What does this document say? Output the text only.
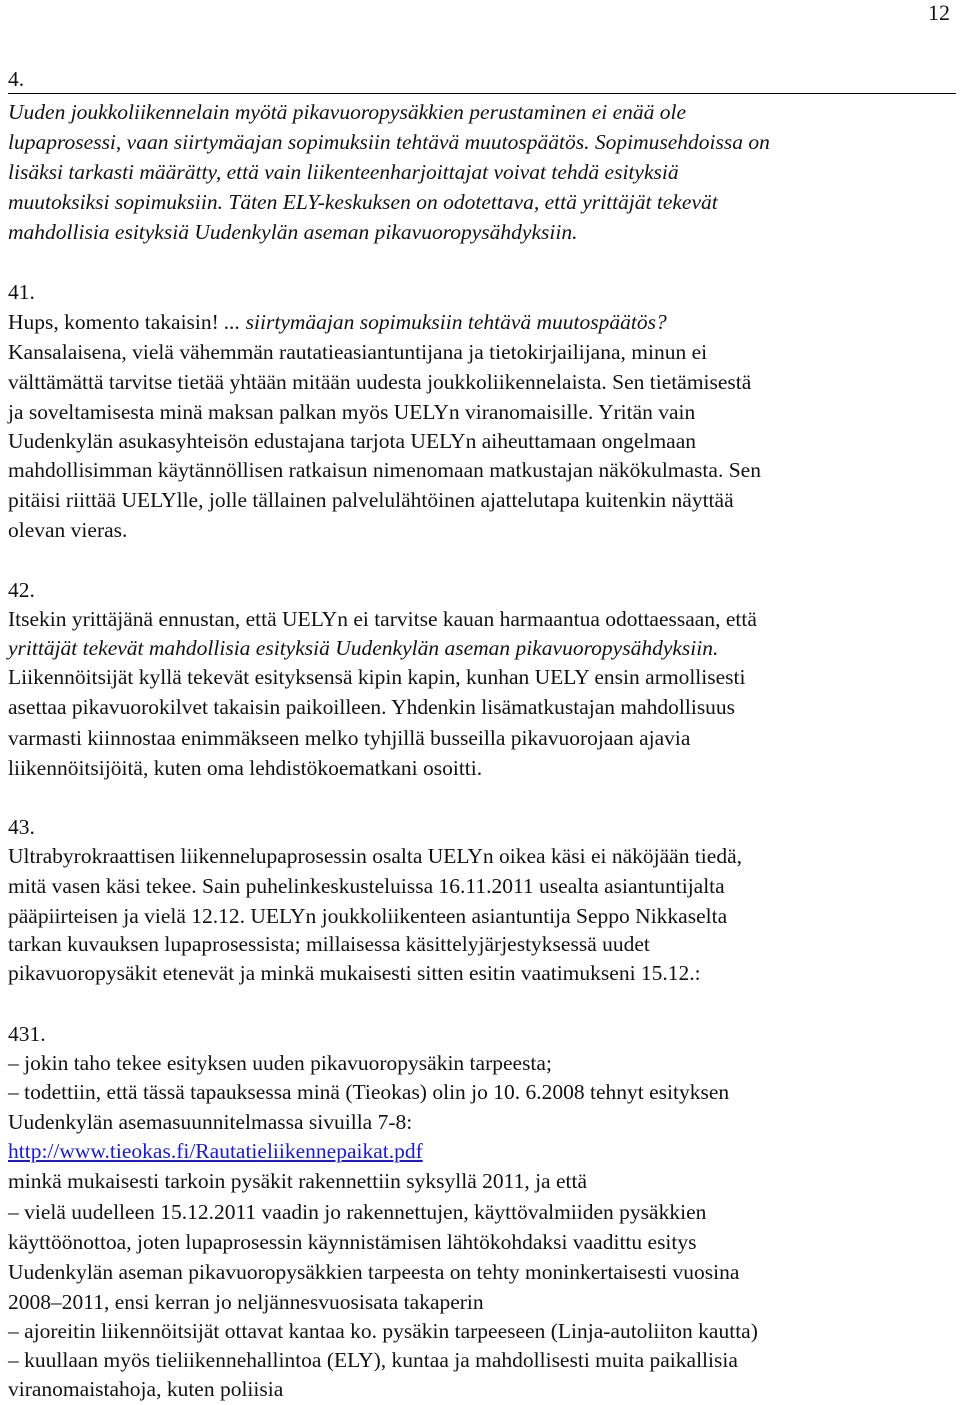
12
4.
Uuden joukkoliikennelain myötä pikavuoropysäkkien perustaminen ei enää ole
lupaprosessi, vaan siirtymäajan sopimuksiin tehtävä muutospäätös. Sopimusehdoissa on
lisäksi tarkasti määrätty, että vain liikenteenharjoittajat voivat tehdä esityksiä
muutoksiksi sopimuksiin. Täten ELY-keskuksen on odotettava, että yrittäjät tekevät
mahdollisia esityksiä Uudenkylän aseman pikavuoropysähdyksiin.
41.
Hups, komento takaisin! ... siirtymäajan sopimuksiin tehtävä muutospäätös?
Kansalaisena, vielä vähemmän rautatieasiantuntijana ja tietokirjailijana, minun ei
välttämättä tarvitse tietää yhtään mitään uudesta joukkoliikennelaista. Sen tietämisestä
ja soveltamisesta minä maksan palkan myös UELYn viranomaisille. Yritän vain
Uudenkylän asukasyhteisön edustajana tarjota UELYn aiheuttamaan ongelmaan
mahdollisimman käytännöllisen ratkaisun nimenomaan matkustajan näkökulmasta. Sen
pitäisi riittää UELYlle, jolle tällainen palvelulähtöinen ajattelutapa kuitenkin näyttää
olevan vieras.
42.
Itsekin yrittäjänä ennustan, että UELYn ei tarvitse kauan harmaantua odottaessaan, että
yrittäjät tekevät mahdollisia esityksiä Uudenkylän aseman pikavuoropysähdyksiin.
Liikennöitsijät kyllä tekevät esityksensä kipin kapin, kunhan UELY ensin armollisesti
asettaa pikavuorokilvet takaisin paikoilleen. Yhdenkin lisämatkustajan mahdollisuus
varmasti kiinnostaa enimmäkseen melko tyhjillä busseilla pikavuorojaan ajavia
liikennöitsijöitä, kuten oma lehdistökoematkani osoitti.
43.
Ultrabyrokraattisen liikennelupaprosessin osalta UELYn oikea käsi ei näköjään tiedä,
mitä vasen käsi tekee. Sain puhelinkeskusteluissa 16.11.2011 usealta asiantuntijalta
pääpiirteisen ja vielä 12.12. UELYn joukkoliikenteen asiantuntija Seppo Nikkaselta
tarkan kuvauksen lupaprosessista; millaisessa käsittelyjärjestyksessä uudet
pikavuoropysäkit etenevät ja minkä mukaisesti sitten esitin vaatimukseni 15.12.:
431.
– jokin taho tekee esityksen uuden pikavuoropysäkin tarpeesta;
– todettiin, että tässä tapauksessa minä (Tieokas) olin jo 10. 6.2008 tehnyt esityksen
Uudenkylän asemasuunnitelmassa sivuilla 7-8:
http://www.tieokas.fi/Rautatieliikennepaikat.pdf
minkä mukaisesti tarkoin pysäkit rakennettiin syksyllä 2011, ja että
– vielä uudelleen 15.12.2011 vaadin jo rakennettujen, käyttövalmiiden pysäkkien
käyttöönottoa, joten lupaprosessin käynnistämisen lähtökohdaksi vaadittu esitys
Uudenkylän aseman pikavuoropysäkkien tarpeesta on tehty moninkertaisesti vuosina
2008–2011, ensi kerran jo neljännesvuosisata takaperin
– ajoreitin liikennöitsijät ottavat kantaa ko. pysäkin tarpeeseen (Linja-autoliiton kautta)
– kuullaan myös tieliikennehallintoa (ELY), kuntaa ja mahdollisesti muita paikallisia
viranomaistahoja, kuten poliisia
